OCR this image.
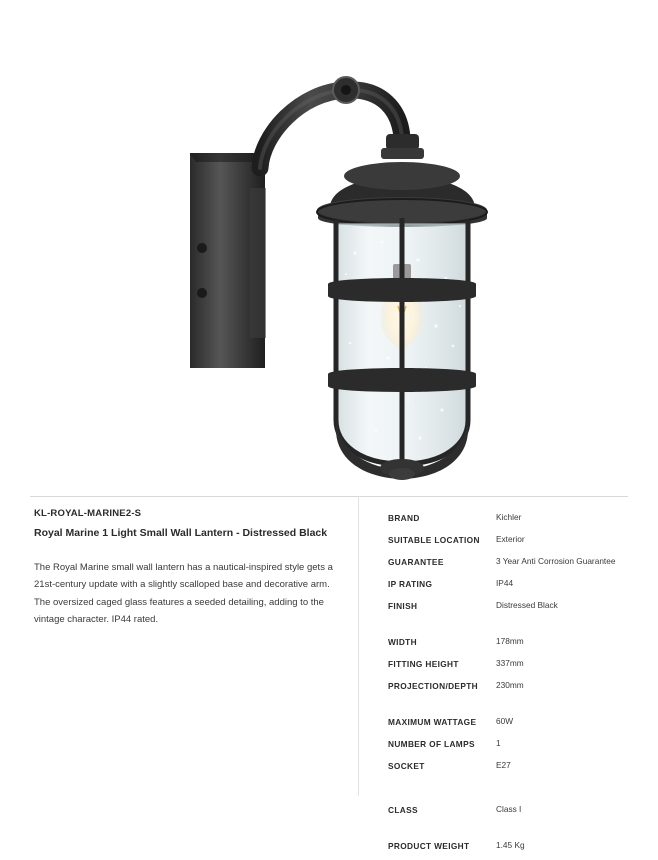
KL-ROYAL-MARINE2-S

Royal Marine 1 Light Small Wall Lantern - Distressed Black

The Royal Marine small wall lantern has a nautical-inspired style gets a 21st-century update with a slightly scalloped base and decorative arm. The oversized caged glass features a seeded detailing, adding to the vintage character. IP44 rated.

BRAND	Kichler
SUITABLE LOCATION	Exterior
GUARANTEE	3 Year Anti Corrosion Guarantee
IP RATING	IP44
FINISH	Distressed Black
WIDTH	178mm
FITTING HEIGHT	337mm
PROJECTION/DEPTH	230mm
MAXIMUM WATTAGE	60W
NUMBER OF LAMPS	1
SOCKET	E27
CLASS	Class I
PRODUCT WEIGHT	1.45 Kg
